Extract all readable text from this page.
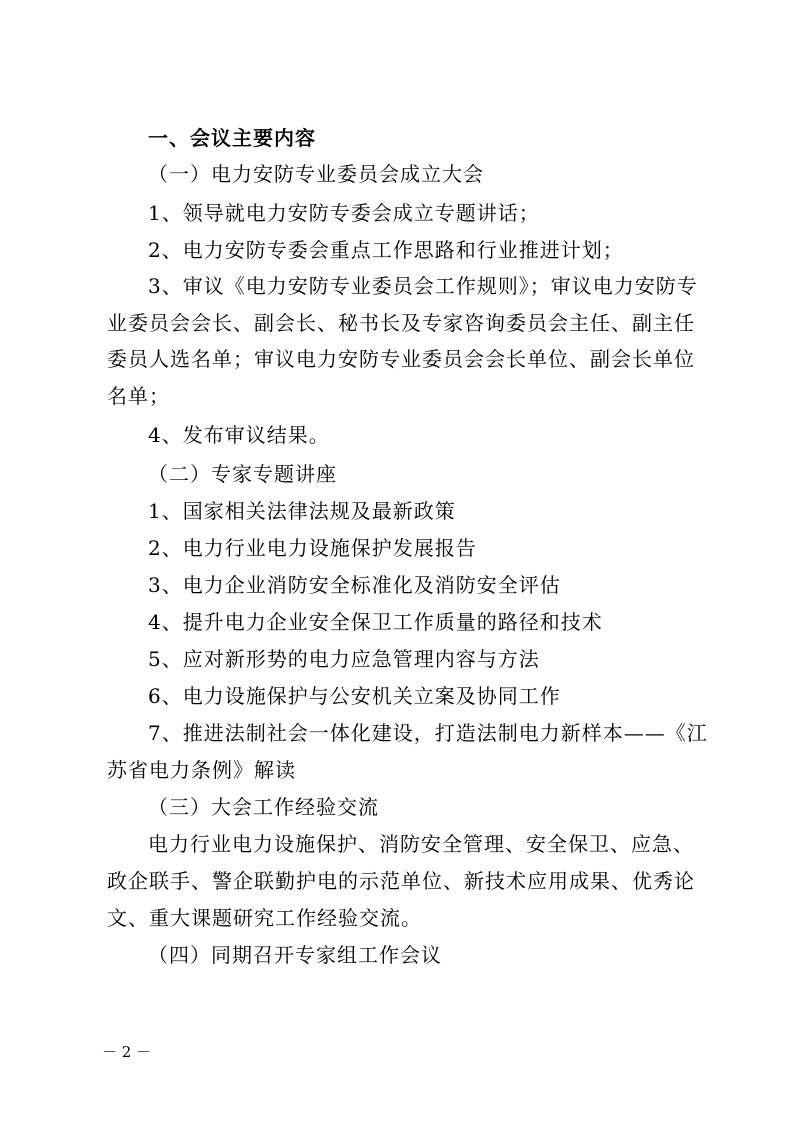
一、会议主要内容
（一）电力安防专业委员会成立大会
1、领导就电力安防专委会成立专题讲话；
2、电力安防专委会重点工作思路和行业推进计划；
3、审议《电力安防专业委员会工作规则》；审议电力安防专
业委员会会长、副会长、秘书长及专家咨询委员会主任、副主任
委员人选名单；审议电力安防专业委员会会长单位、副会长单位
名单；
4、发布审议结果。
（二）专家专题讲座
1、国家相关法律法规及最新政策
2、电力行业电力设施保护发展报告
3、电力企业消防安全标准化及消防安全评估
4、提升电力企业安全保卫工作质量的路径和技术
5、应对新形势的电力应急管理内容与方法
6、电力设施保护与公安机关立案及协同工作
7、推进法制社会一体化建设，打造法制电力新样本——《江
苏省电力条例》解读
（三）大会工作经验交流
电力行业电力设施保护、消防安全管理、安全保卫、应急、
政企联手、警企联勤护电的示范单位、新技术应用成果、优秀论
文、重大课题研究工作经验交流。
（四）同期召开专家组工作会议
－ 2 －
